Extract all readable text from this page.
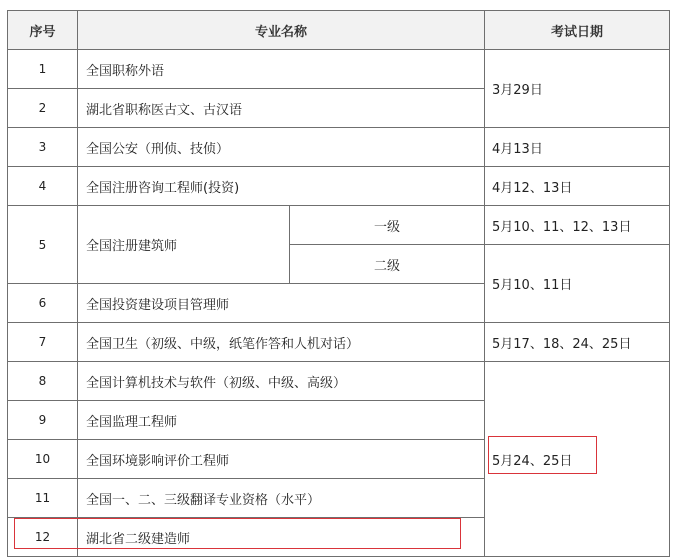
序号	专业名称		考试日期
1	全国职称外语		3月29日
2	湖北省职称医古文、古汉语		
3	全国公安（刑侦、技侦）		4月13日
4	全国注册咨询工程师(投资)		4月12、13日
5	全国注册建筑师	一级	5月10、11、12、13日
		二级	5月10、11日
6	全国投资建设项目管理师		
7	全国卫生（初级、中级，纸笔作答和人机对话）		5月17、18、24、25日
8	全国计算机技术与软件（初级、中级、高级）		5月24、25日
9	全国监理工程师		
10	全国环境影响评价工程师		
11	全国一、二、三级翻译专业资格（水平）		
12	湖北省二级建造师		
